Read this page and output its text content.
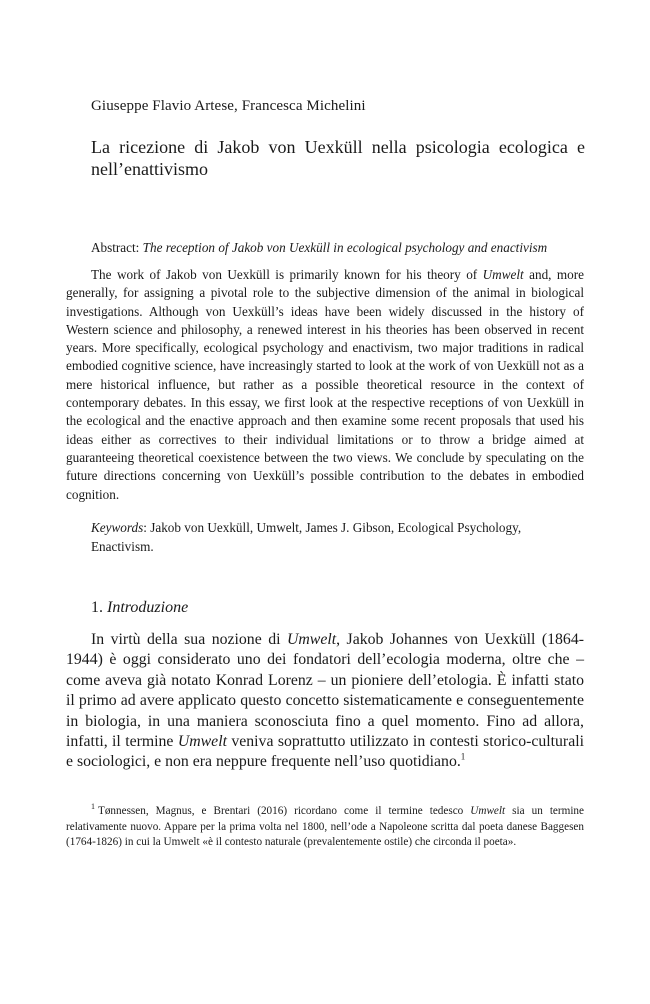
Giuseppe Flavio Artese, Francesca Michelini
La ricezione di Jakob von Uexküll nella psicologia ecologica e nell’enattivismo
Abstract: The reception of Jakob von Uexküll in ecological psychology and enactivism

The work of Jakob von Uexküll is primarily known for his theory of Umwelt and, more generally, for assigning a pivotal role to the subjective dimension of the animal in biological investigations. Although von Uexküll’s ideas have been widely discussed in the history of Western science and philosophy, a renewed interest in his theories has been observed in recent years. More specifically, ecological psychology and enactivism, two major traditions in radical embodied cognitive science, have increasingly started to look at the work of von Uexküll not as a mere historical influence, but rather as a possible theoretical resource in the context of contemporary debates. In this essay, we first look at the respective receptions of von Uexküll in the ecological and the enactive approach and then examine some recent proposals that used his ideas either as correctives to their individual limitations or to throw a bridge aimed at guaranteeing theoretical coexistence between the two views. We conclude by speculating on the future directions concerning von Uexküll’s possible contribution to the debates in embodied cognition.

Keywords: Jakob von Uexküll, Umwelt, James J. Gibson, Ecological Psychology, Enactivism.
1. Introduzione

In virtù della sua nozione di Umwelt, Jakob Johannes von Uexküll (1864-1944) è oggi considerato uno dei fondatori dell’ecologia moderna, oltre che – come aveva già notato Konrad Lorenz – un pioniere dell’etologia. È infatti stato il primo ad avere applicato questo concetto sistematicamente e conseguentemente in biologia, in una maniera sconosciuta fino a quel momento. Fino ad allora, infatti, il termine Umwelt veniva soprattutto utilizzato in contesti storico-culturali e sociologici, e non era neppure frequente nell’uso quotidiano.$^1$

$^1$ Tønnessen, Magnus, e Brentari (2016) ricordano come il termine tedesco Umwelt sia un termine relativamente nuovo. Appare per la prima volta nel 1800, nell’ode a Napoleone scritta dal poeta danese Baggesen (1764-1826) in cui la Umwelt «è il contesto naturale (prevalentemente ostile) che circonda il poeta».
